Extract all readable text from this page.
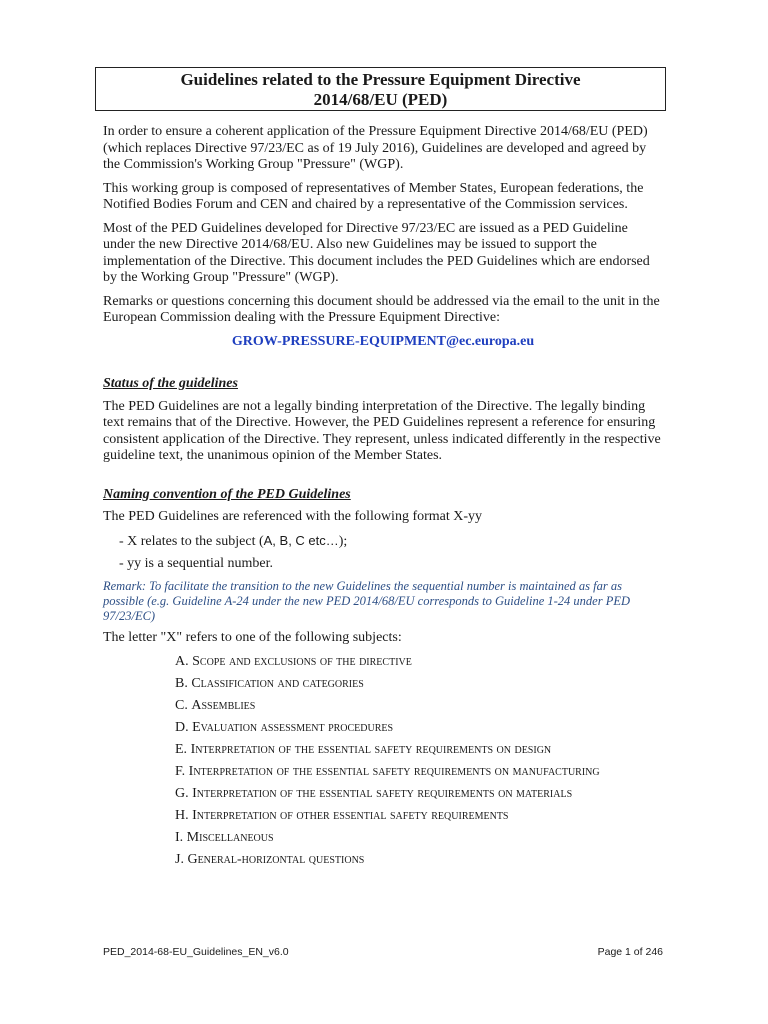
Guidelines related to the Pressure Equipment Directive
2014/68/EU (PED)

In order to ensure a coherent application of the Pressure Equipment Directive 2014/68/EU (PED) (which replaces Directive 97/23/EC as of 19 July 2016), Guidelines are developed and agreed by the Commission's Working Group "Pressure" (WGP).

This working group is composed of representatives of Member States, European federations, the Notified Bodies Forum and CEN and chaired by a representative of the Commission services.

Most of the PED Guidelines developed for Directive 97/23/EC are issued as a PED Guideline under the new Directive 2014/68/EU. Also new Guidelines may be issued to support the implementation of the Directive. This document includes the PED Guidelines which are endorsed by the Working Group "Pressure" (WGP).

Remarks or questions concerning this document should be addressed via the email to the unit in the European Commission dealing with the Pressure Equipment Directive:

GROW-PRESSURE-EQUIPMENT@ec.europa.eu

Status of the guidelines

The PED Guidelines are not a legally binding interpretation of the Directive. The legally binding text remains that of the Directive. However, the PED Guidelines represent a reference for ensuring consistent application of the Directive. They represent, unless indicated differently in the respective guideline text, the unanimous opinion of the Member States.

Naming convention of the PED Guidelines

The PED Guidelines are referenced with the following format X-yy

- X relates to the subject (A, B, C etc…);

- yy is a sequential number.

Remark: To facilitate the transition to the new Guidelines the sequential number is maintained as far as possible (e.g. Guideline A-24 under the new PED 2014/68/EU corresponds to Guideline 1-24 under PED 97/23/EC)

The letter "X" refers to one of the following subjects:

A. Scope and exclusions of the directive
B. Classification and categories
C. Assemblies
D. Evaluation assessment procedures
E. Interpretation of the essential safety requirements on design
F. Interpretation of the essential safety requirements on manufacturing
G. Interpretation of the essential safety requirements on materials
H. Interpretation of other essential safety requirements
I. Miscellaneous
J. General-horizontal questions
PED_2014-68-EU_Guidelines_EN_v6.0	Page 1 of 246
